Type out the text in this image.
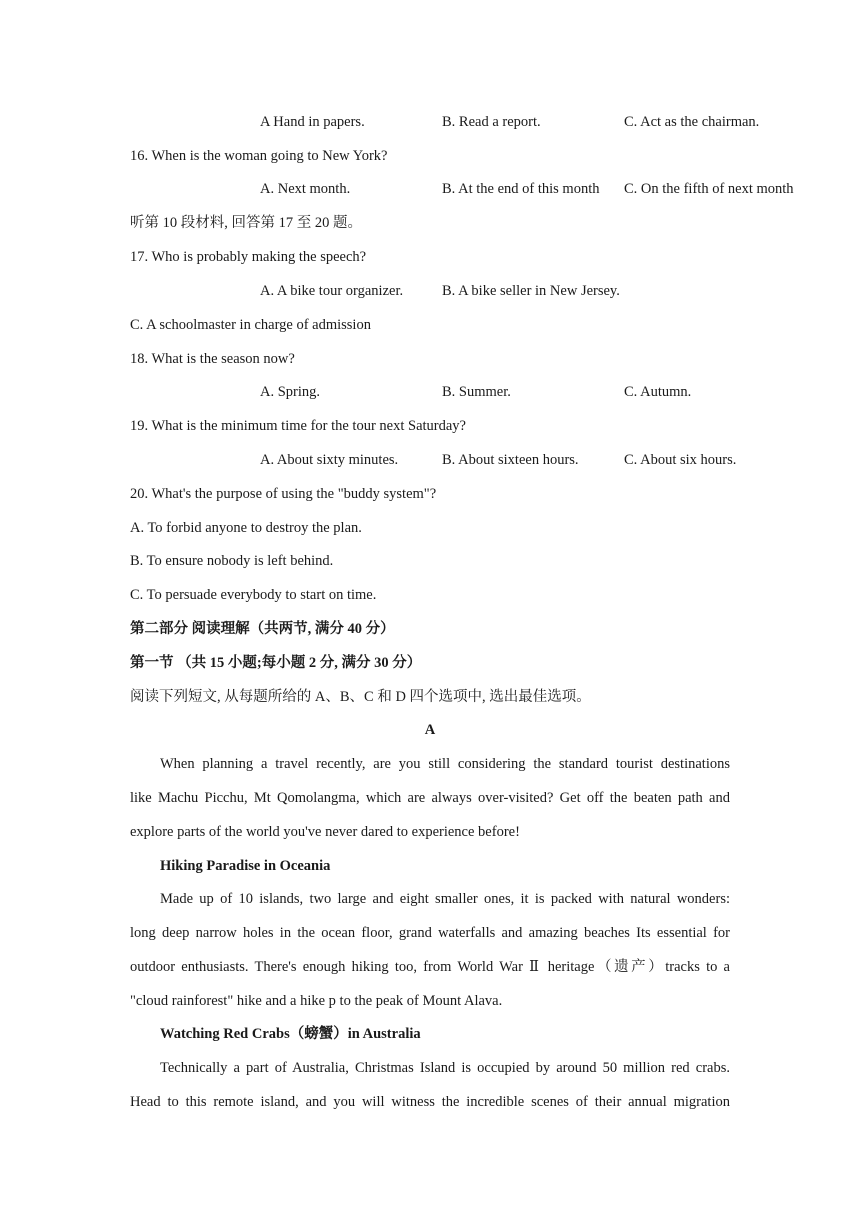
A Hand in papers.	B. Read a report.	C. Act as the chairman.
16. When is the woman going to New York?
A. Next month.	B. At the end of this month C. On the fifth of next month
听第 10 段材料, 回答第 17 至 20 题。
17. Who is probably making the speech?
A. A bike tour organizer.	B. A bike seller in New Jersey.
C. A schoolmaster in charge of admission
18. What is the season now?
A. Spring.	B. Summer.	C. Autumn.
19. What is the minimum time for the tour next Saturday?
A. About sixty minutes.	B. About sixteen hours.	C. About six hours.
20. What's the purpose of using the "buddy system"?
A. To forbid anyone to destroy the plan.
B. To ensure nobody is left behind.
C. To persuade everybody to start on time.
第二部分 阅读理解（共两节, 满分 40 分）
第一节 （共 15 小题;每小题 2 分, 满分 30 分）
阅读下列短文, 从每题所给的 A、B、C 和 D 四个选项中, 选出最佳选项。
A
When planning a travel recently, are you still considering the standard tourist destinations
like Machu Picchu, Mt Qomolangma, which are always over-visited? Get off the beaten path and
explore parts of the world you've never dared to experience before!
Hiking Paradise in Oceania
Made up of 10 islands, two large and eight smaller ones, it is packed with natural wonders:
long deep narrow holes in the ocean floor, grand waterfalls and amazing beaches Its essential for
outdoor enthusiasts. There's enough hiking too, from World War Ⅱ heritage（遗产）tracks to a
"cloud rainforest" hike and a hike p to the peak of Mount Alava.
Watching Red Crabs（螃蟹）in Australia
Technically a part of Australia, Christmas Island is occupied by around 50 million red crabs.
Head to this remote island, and you will witness the incredible scenes of their annual migration
